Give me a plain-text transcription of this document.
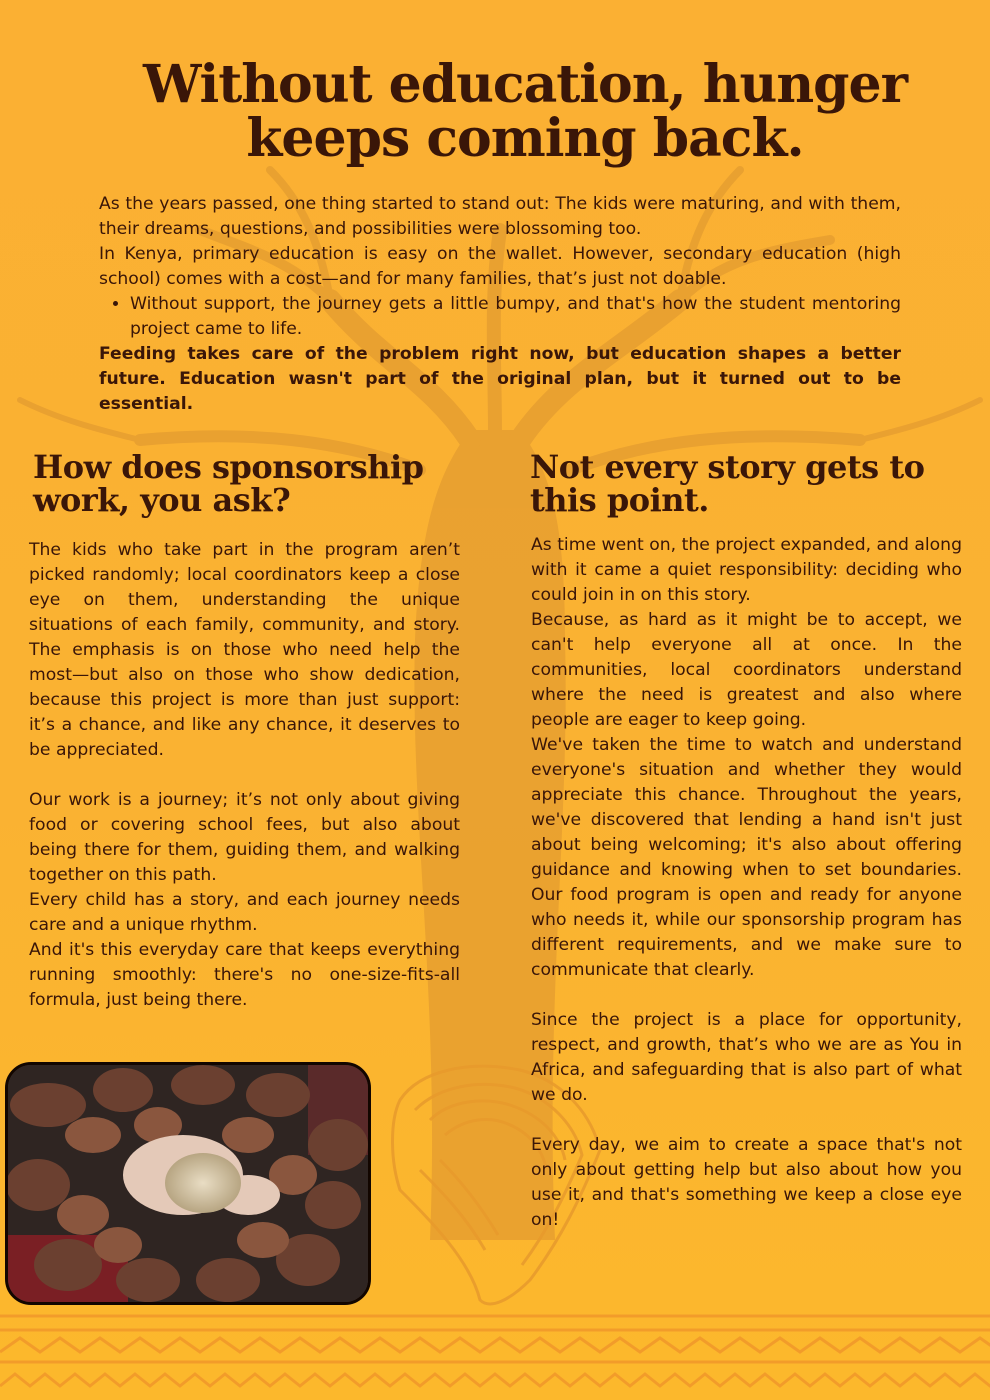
Without education, hunger keeps coming back.

As the years passed, one thing started to stand out: The kids were maturing, and with them, their dreams, questions, and possibilities were blossoming too.

In Kenya, primary education is easy on the wallet. However, secondary education (high school) comes with a cost—and for many families, that’s just not doable.

• Without support, the journey gets a little bumpy, and that's how the student mentoring project came to life.

Feeding takes care of the problem right now, but education shapes a better future. Education wasn't part of the original plan, but it turned out to be essential.

How does sponsorship work, you ask?

The kids who take part in the program aren’t picked randomly; local coordinators keep a close eye on them, understanding the unique situations of each family, community, and story. The emphasis is on those who need help the most—but also on those who show dedication, because this project is more than just support: it’s a chance, and like any chance, it deserves to be appreciated.

Our work is a journey; it’s not only about giving food or covering school fees, but also about being there for them, guiding them, and walking together on this path.

Every child has a story, and each journey needs care and a unique rhythm.

And it's this everyday care that keeps everything running smoothly: there's no one-size-fits-all formula, just being there.

Not every story gets to this point.

As time went on, the project expanded, and along with it came a quiet responsibility: deciding who could join in on this story.

Because, as hard as it might be to accept, we can't help everyone all at once. In the communities, local coordinators understand where the need is greatest and also where people are eager to keep going.

We've taken the time to watch and understand everyone's situation and whether they would appreciate this chance. Throughout the years, we've discovered that lending a hand isn't just about being welcoming; it's also about offering guidance and knowing when to set boundaries. Our food program is open and ready for anyone who needs it, while our sponsorship program has different requirements, and we make sure to communicate that clearly.

Since the project is a place for opportunity, respect, and growth, that’s who we are as You in Africa, and safeguarding that is also part of what we do.

Every day, we aim to create a space that's not only about getting help but also about how you use it, and that's something we keep a close eye on!
